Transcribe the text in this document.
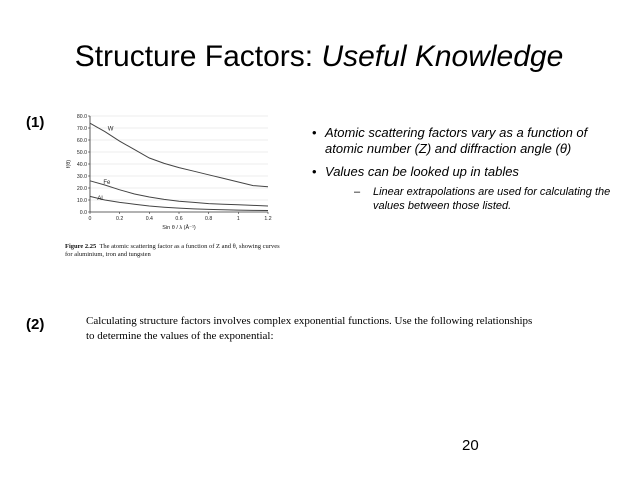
Structure Factors: Useful Knowledge
(1)
0.0
10.0
20.0
30.0
40.0
50.0
60.0
70.0
80.0
0	0.2	0.4	0.6	0.8	1	1.2
W
Fe
Al
f(θ)
Sin θ / λ (Å⁻¹)
Figure 2.25 The atomic scattering factor as a function of Z and θ, showing curves for aluminium, iron and tungsten
• Atomic scattering factors vary as a function of atomic number (Z) and diffraction angle (θ)
• Values can be looked up in tables
– Linear extrapolations are used for calculating the values between those listed.
(2)	Calculating structure factors involves complex exponential functions. Use the following relationships to determine the values of the exponential:
20
